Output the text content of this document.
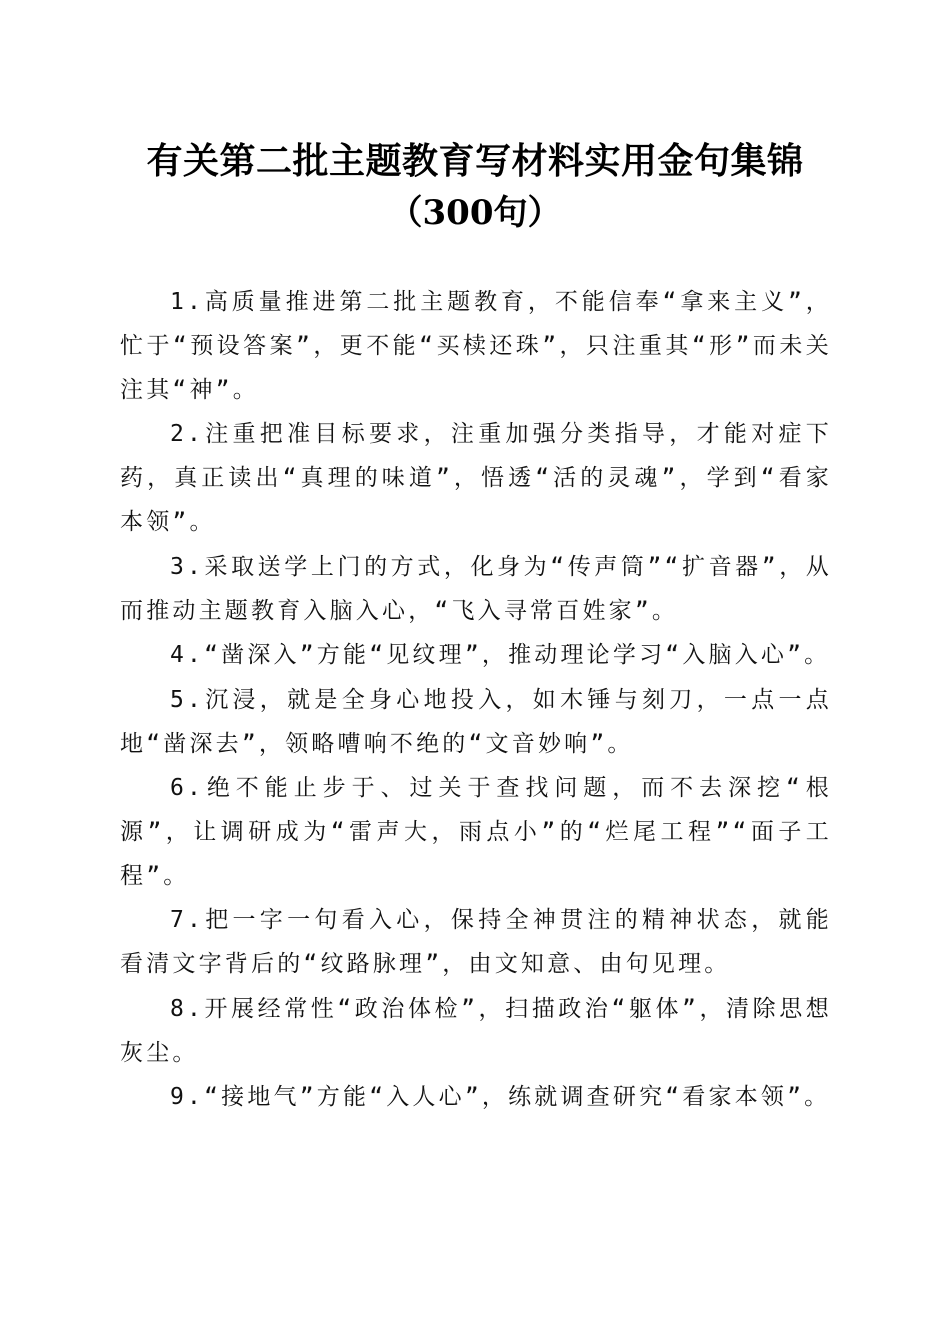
有关第二批主题教育写材料实用金句集锦
（300句）

1.高质量推进第二批主题教育，不能信奉“拿来主义”，忙于“预设答案”，更不能“买椟还珠”，只注重其“形”而未关注其“神”。

2.注重把准目标要求，注重加强分类指导，才能对症下药，真正读出“真理的味道”，悟透“活的灵魂”，学到“看家本领”。

3.采取送学上门的方式，化身为“传声筒”“扩音器”，从而推动主题教育入脑入心，“飞入寻常百姓家”。

4.“凿深入”方能“见纹理”，推动理论学习“入脑入心”。

5.沉浸，就是全身心地投入，如木锤与刻刀，一点一点地“凿深去”，领略嘈响不绝的“文音妙响”。

6.绝不能止步于、过关于查找问题，而不去深挖“根源”，让调研成为“雷声大，雨点小”的“烂尾工程”“面子工程”。

7.把一字一句看入心，保持全神贯注的精神状态，就能看清文字背后的“纹路脉理”，由文知意、由句见理。

8.开展经常性“政治体检”，扫描政治“躯体”，清除思想灰尘。

9.“接地气”方能“入人心”，练就调查研究“看家本领”。
